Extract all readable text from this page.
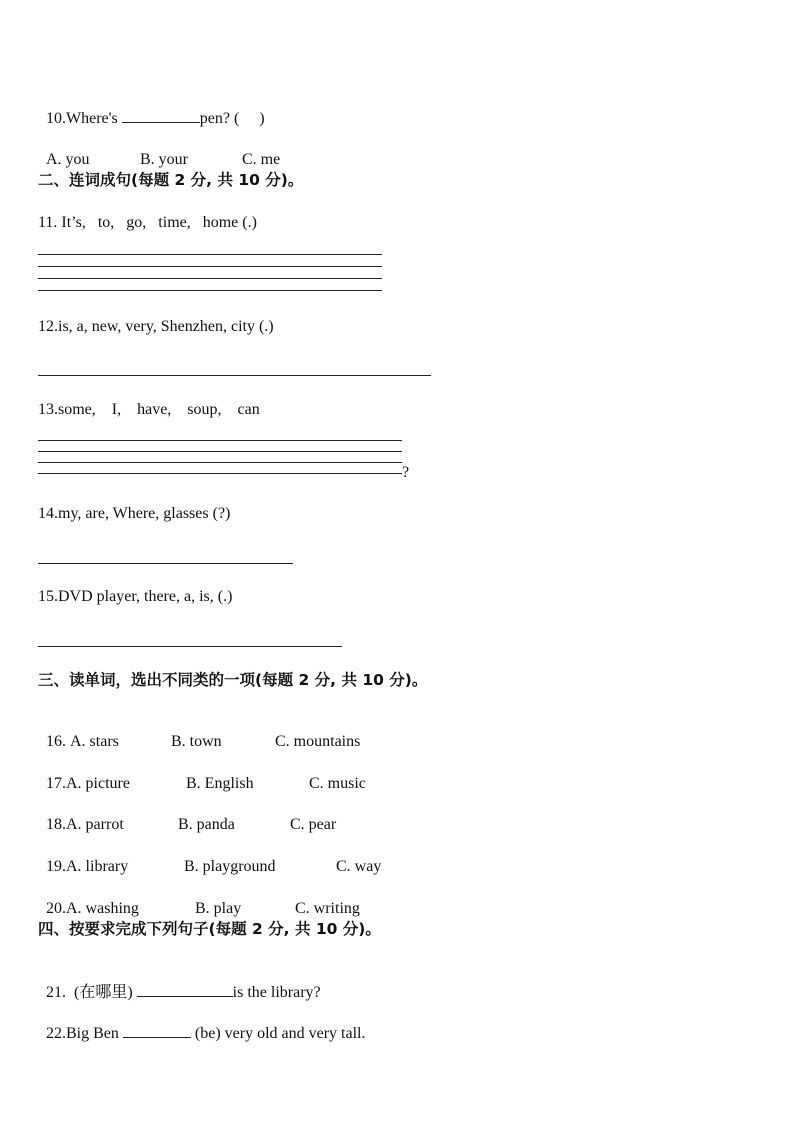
10.Where's	pen? (     )

A. you	B. your	C. me

二、连词成句(每题 2 分, 共 10 分)。
11. It’s,   to,   go,   time,   home (.)
12.is, a, new, very, Shenzhen, city (.)
13.some,    I,    have,    soup,    can
?
14.my, are, Where, glasses (?)
15.DVD player, there, a, is, (.)
三、读单词，选出不同类的一项(每题 2 分, 共 10 分)。

16. A. stars	B. town	C. mountains

17.A. picture	B. English	C. music

18.A. parrot	B. panda	C. pear

19.A. library	B. playground	C. way

20.A. washing	B. play	C. writing

四、按要求完成下列句子(每题 2 分, 共 10 分)。

21.  (在哪里)	is the library?

22.Big Ben	(be) very old and very tall.
